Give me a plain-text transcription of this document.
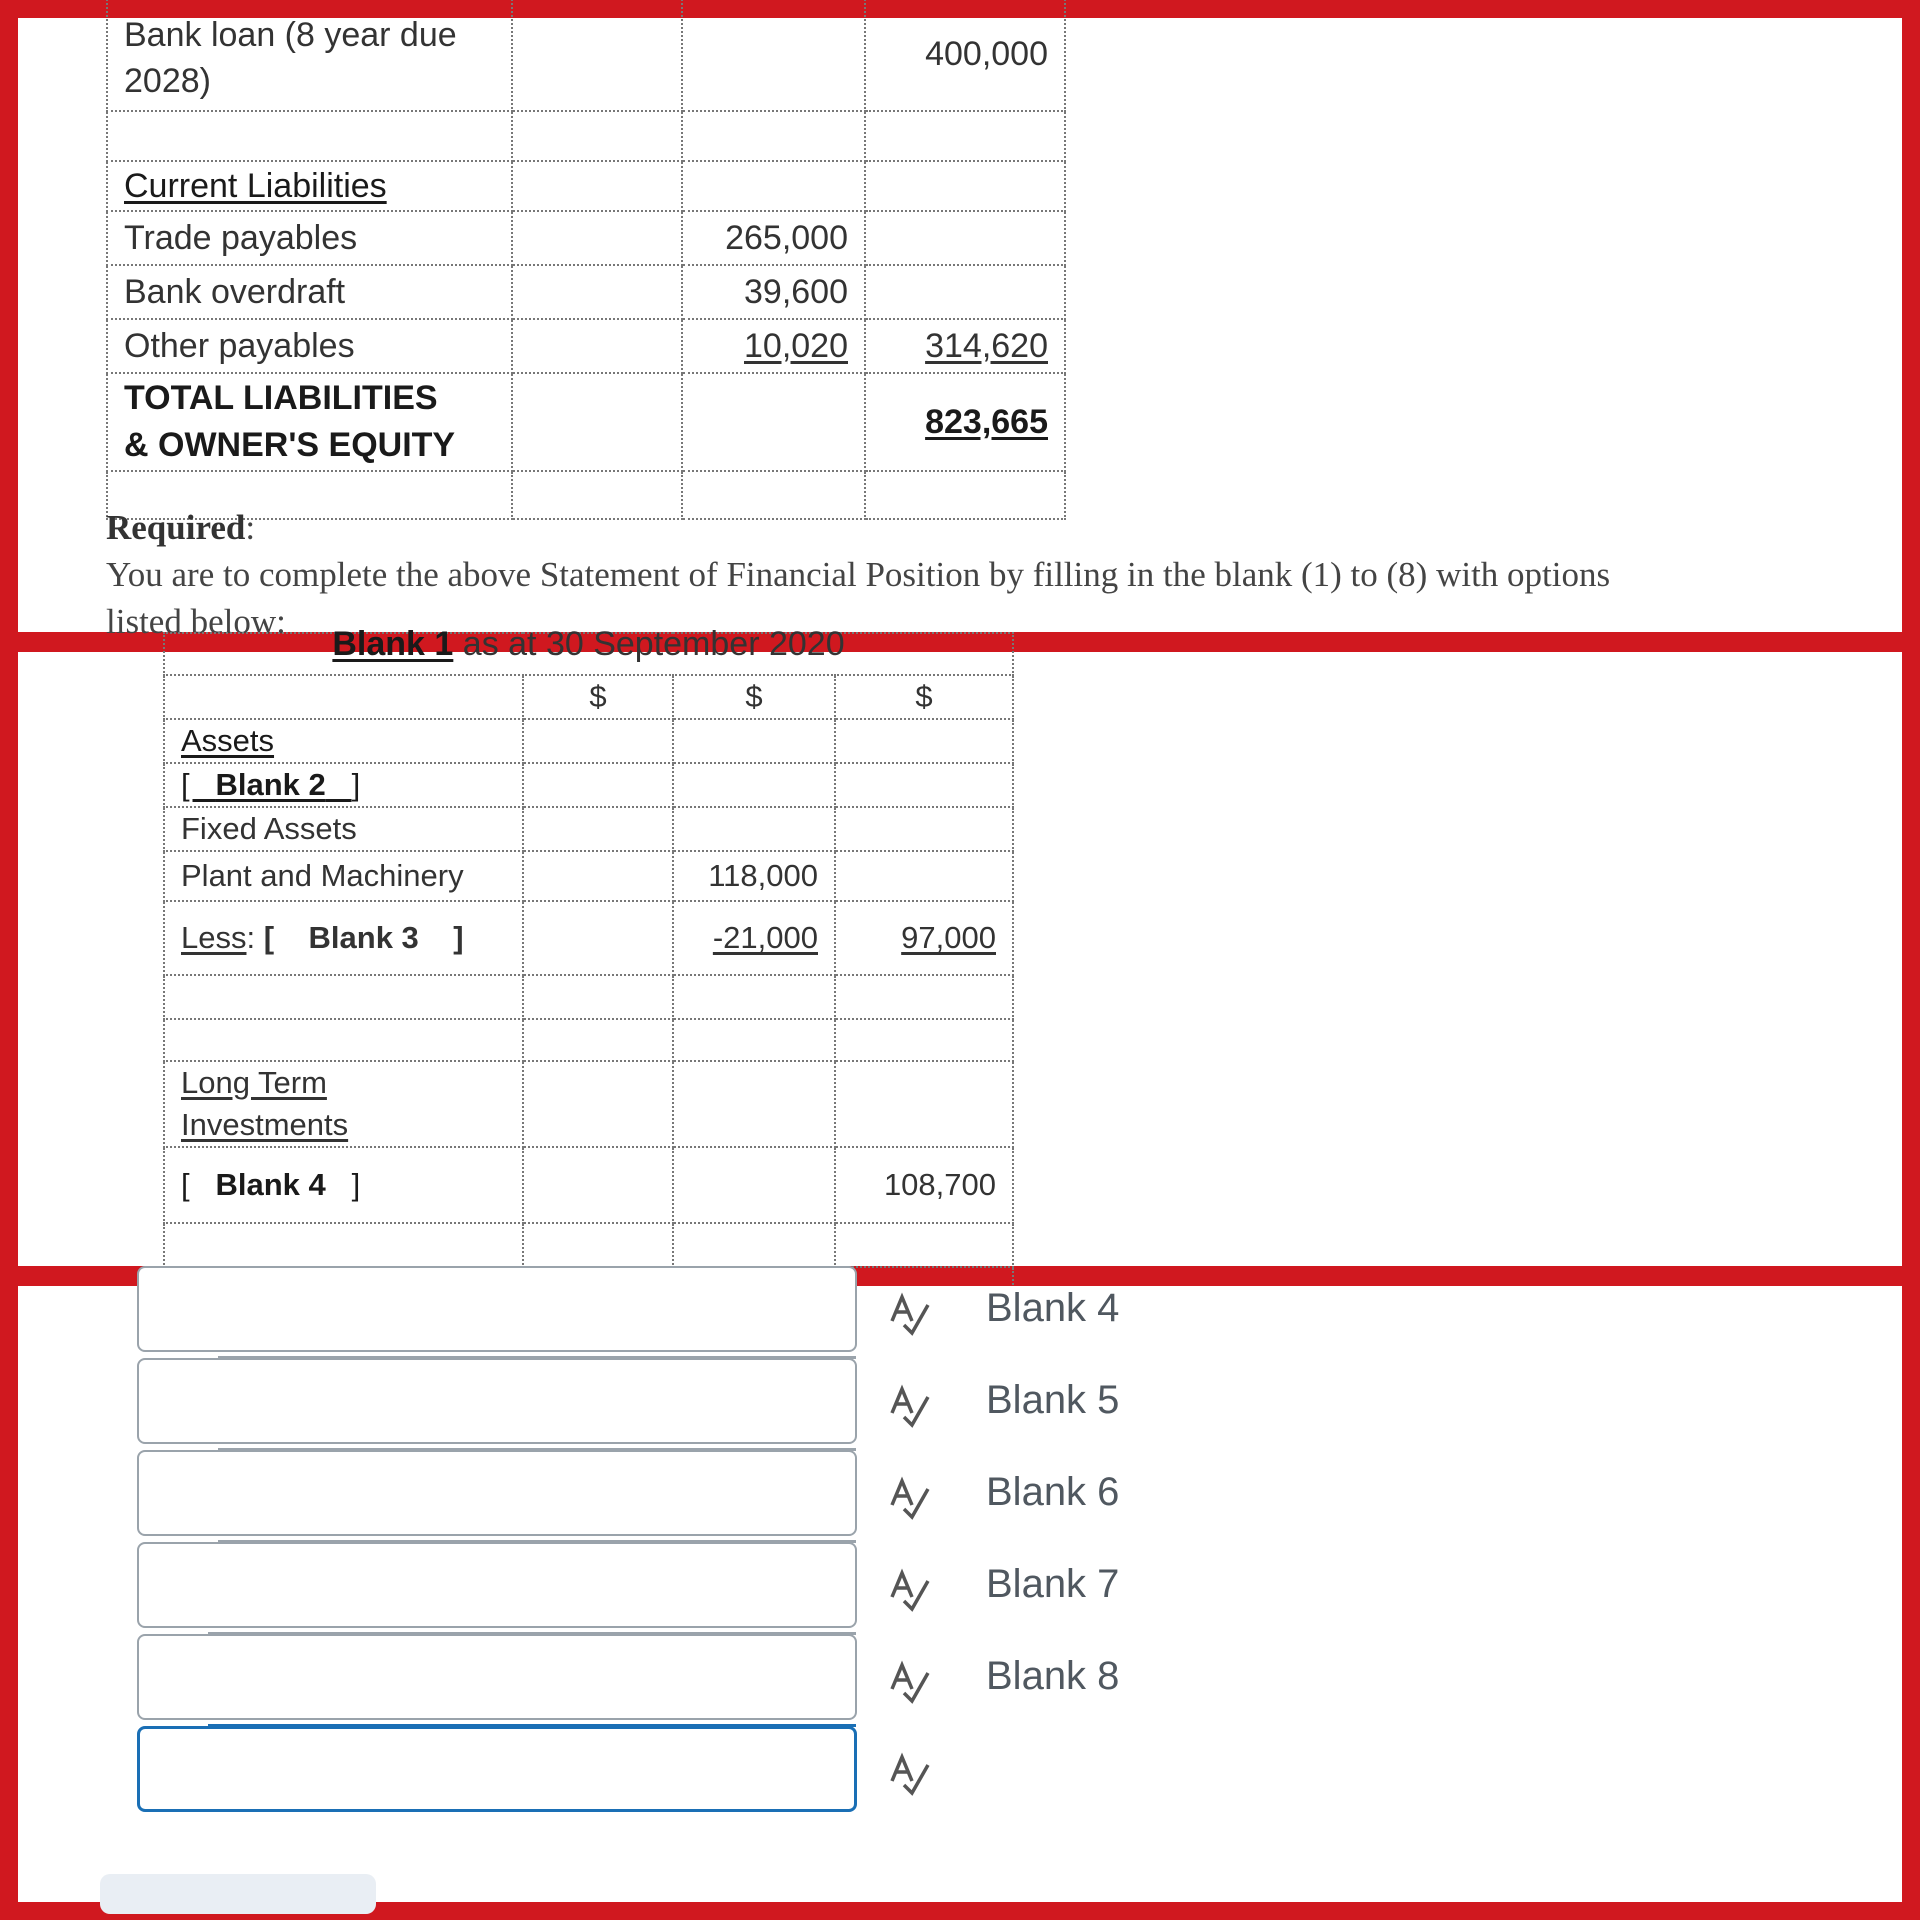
Bank loan (8 year due 2028)			400,000

Current Liabilities			
Trade payables		265,000	
Bank overdraft		39,600	
Other payables		10,020	314,620

TOTAL LIABILITIES
& OWNER'S EQUITY			823,665

Required:
You are to complete the above Statement of Financial Position by filling in the blank (1) to (8) with options
listed below:
Blank 1 as at 30 September 2020			
	$	$	$
Assets			
[   Blank 2 ]			
Fixed Assets			
Plant and Machinery		118,000	
Less: [    Blank 3    ]		-21,000	97,000

Long Term
Investments			

[   Blank 4   ]			108,700

Blank 4
Blank 5
Blank 6
Blank 7
Blank 8
